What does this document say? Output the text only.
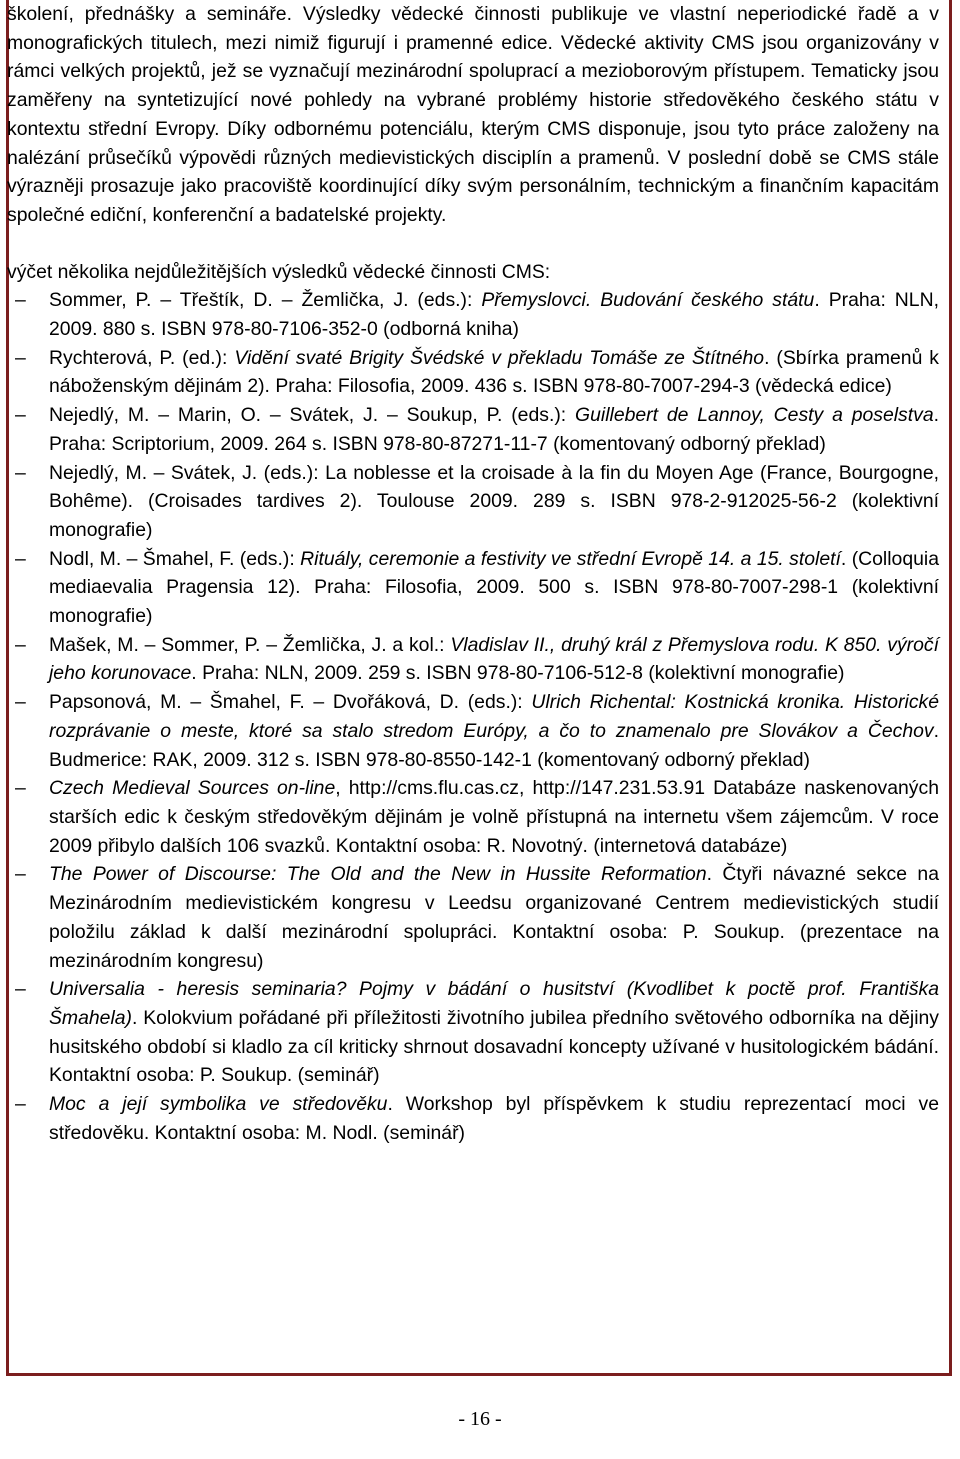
školení, přednášky a semináře. Výsledky vědecké činnosti publikuje ve vlastní neperiodické řadě a v monografických titulech, mezi nimiž figurují i pramenné edice. Vědecké aktivity CMS jsou organizovány v rámci velkých projektů, jež se vyznačují mezinárodní spoluprací a mezioborovým přístupem. Tematicky jsou zaměřeny na syntetizující nové pohledy na vybrané problémy historie středověkého českého státu v kontextu střední Evropy. Díky odbornému potenciálu, kterým CMS disponuje, jsou tyto práce založeny na nalézání průsečíků výpovědi různých medievistických disciplín a pramenů. V poslední době se CMS stále výrazněji prosazuje jako pracoviště koordinující díky svým personálním, technickým a finančním kapacitám společné ediční, konferenční a badatelské projekty.

výčet několika nejdůležitějších výsledků vědecké činnosti CMS:

– Sommer, P. – Třeštík, D. – Žemlička, J. (eds.): Přemyslovci. Budování českého státu. Praha: NLN, 2009. 880 s. ISBN 978-80-7106-352-0 (odborná kniha)
– Rychterová, P. (ed.): Vidění svaté Brigity Švédské v překladu Tomáše ze Štítného. (Sbírka pramenů k náboženským dějinám 2). Praha: Filosofia, 2009. 436 s. ISBN 978-80-7007-294-3 (vědecká edice)
– Nejedlý, M. – Marin, O. – Svátek, J. – Soukup, P. (eds.): Guillebert de Lannoy, Cesty a poselstva. Praha: Scriptorium, 2009. 264 s. ISBN 978-80-87271-11-7 (komentovaný odborný překlad)
– Nejedlý, M. – Svátek, J. (eds.): La noblesse et la croisade à la fin du Moyen Age (France, Bourgogne, Bohême). (Croisades tardives 2). Toulouse 2009. 289 s. ISBN 978-2-912025-56-2 (kolektivní monografie)
– Nodl, M. – Šmahel, F. (eds.): Rituály, ceremonie a festivity ve střední Evropě 14. a 15. století. (Colloquia mediaevalia Pragensia 12). Praha: Filosofia, 2009. 500 s. ISBN 978-80-7007-298-1 (kolektivní monografie)
– Mašek, M. – Sommer, P. – Žemlička, J. a kol.: Vladislav II., druhý král z Přemyslova rodu. K 850. výročí jeho korunovace. Praha: NLN, 2009. 259 s. ISBN 978-80-7106-512-8 (kolektivní monografie)
– Papsonová, M. – Šmahel, F. – Dvořáková, D. (eds.): Ulrich Richental: Kostnická kronika. Historické rozprávanie o meste, ktoré sa stalo stredom Európy, a čo to znamenalo pre Slovákov a Čechov. Budmerice: RAK, 2009. 312 s. ISBN 978-80-8550-142-1 (komentovaný odborný překlad)
– Czech Medieval Sources on-line, http://cms.flu.cas.cz, http://147.231.53.91 Databáze naskenovaných starších edic k českým středověkým dějinám je volně přístupná na internetu všem zájemcům. V roce 2009 přibylo dalších 106 svazků. Kontaktní osoba: R. Novotný. (internetová databáze)
– The Power of Discourse: The Old and the New in Hussite Reformation. Čtyři návazné sekce na Mezinárodním medievistickém kongresu v Leedsu organizované Centrem medievistických studií položilu základ k další mezinárodní spolupráci. Kontaktní osoba: P. Soukup. (prezentace na mezinárodním kongresu)
– Universalia - heresis seminaria? Pojmy v bádání o husitství (Kvodlibet k poctě prof. Františka Šmahela). Kolokvium pořádané při příležitosti životního jubilea předního světového odborníka na dějiny husitského období si kladlo za cíl kriticky shrnout dosavadní koncepty užívané v husitologickém bádání. Kontaktní osoba: P. Soukup. (seminář)
– Moc a její symbolika ve středověku. Workshop byl příspěvkem k studiu reprezentací moci ve středověku. Kontaktní osoba: M. Nodl. (seminář)
- 16 -
